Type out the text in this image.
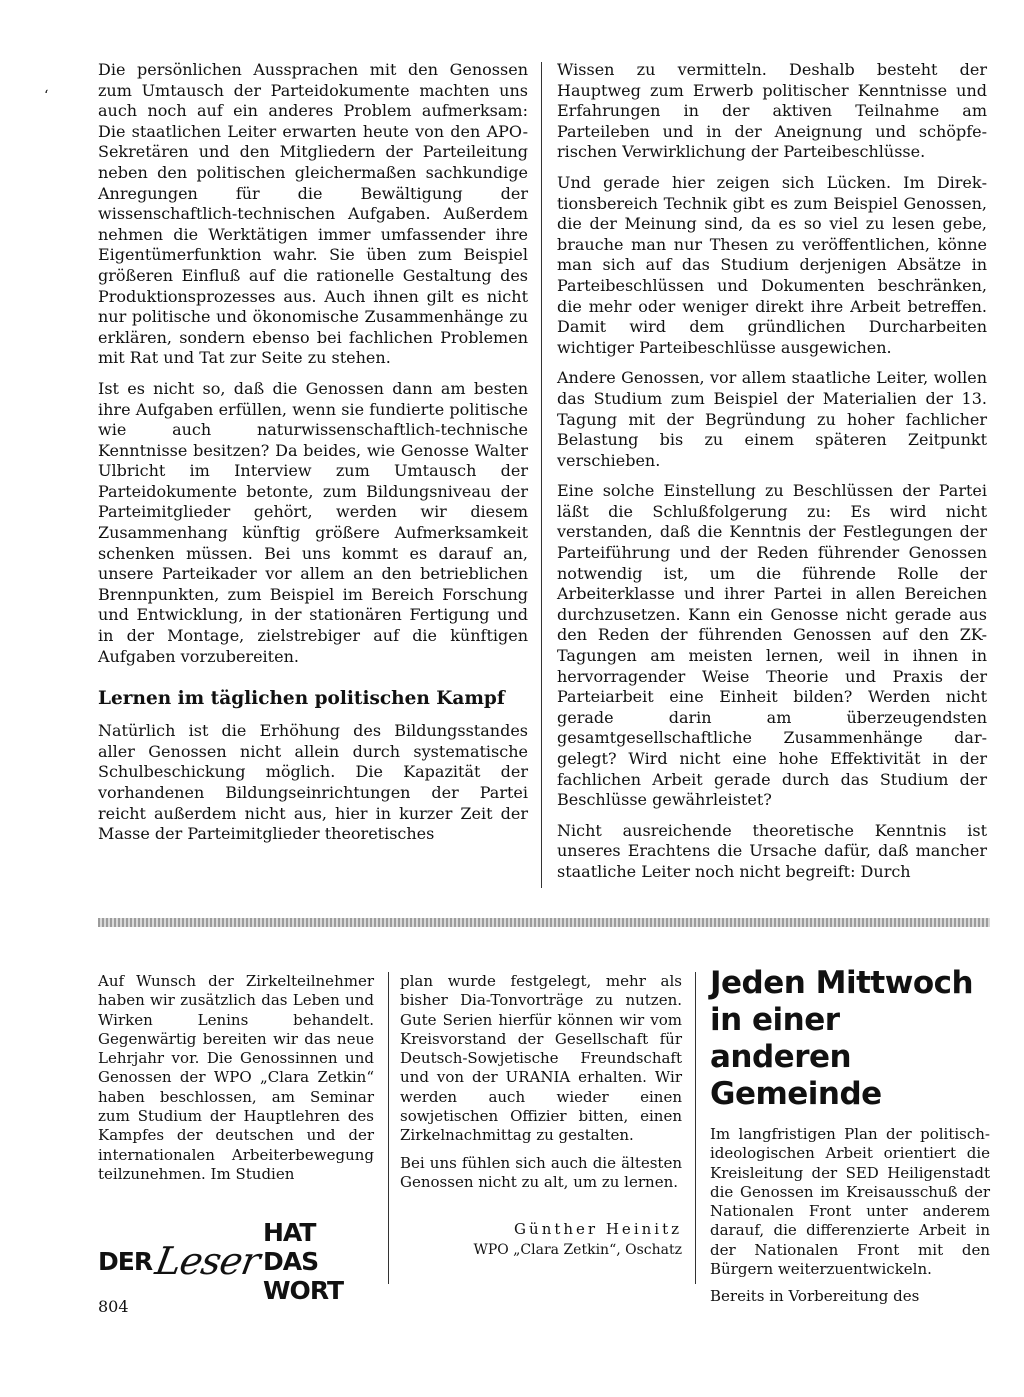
ʻ

Die persönlichen Aussprachen mit den Genossen zum Umtausch der Parteidokumente machten uns auch noch auf ein anderes Problem aufmerksam: Die staatlichen Leiter erwarten heute von den APO-Sekretären und den Mitgliedern der Parteileitung neben den politischen gleichermaßen sachkundige Anregungen für die Bewältigung der wissenschaftlich-technischen Aufgaben. Außerdem nehmen die Werktätigen immer umfassender ihre Eigentümerfunktion wahr. Sie üben zum Beispiel größeren Einfluß auf die rationelle Gestaltung des Produktionsprozesses aus. Auch ihnen gilt es nicht nur politische und ökonomische Zusammenhänge zu erklären, sondern ebenso bei fachlichen Problemen mit Rat und Tat zur Seite zu stehen.

Ist es nicht so, daß die Genossen dann am besten ihre Aufgaben erfüllen, wenn sie fundierte politische wie auch naturwissenschaftlich-technische Kenntnisse besitzen? Da beides, wie Genosse Walter Ulbricht im Interview zum Umtausch der Parteidokumente betonte, zum Bildungsniveau der Parteimitglieder gehört, werden wir diesem Zusammenhang künftig größere Aufmerksamkeit schenken müssen. Bei uns kommt es darauf an, unsere Parteikader vor allem an den betrieblichen Brennpunkten, zum Beispiel im Bereich Forschung und Entwicklung, in der stationären Fertigung und in der Montage, zielstrebiger auf die künftigen Aufgaben vorzubereiten.

Lernen im täglichen politischen Kampf

Natürlich ist die Erhöhung des Bildungsstandes aller Genossen nicht allein durch systematische Schulbeschickung möglich. Die Kapazität der vorhandenen Bildungseinrichtungen der Partei reicht außerdem nicht aus, hier in kurzer Zeit der Masse der Parteimitglieder theoretisches

Wissen zu vermitteln. Deshalb besteht der Hauptweg zum Erwerb politischer Kenntnisse und Erfahrungen in der aktiven Teilnahme am Parteileben und in der Aneignung und schöpferischen Verwirklichung der Parteibeschlüsse.

Und gerade hier zeigen sich Lücken. Im Direktionsbereich Technik gibt es zum Beispiel Genossen, die der Meinung sind, da es so viel zu lesen gebe, brauche man nur Thesen zu veröffentlichen, könne man sich auf das Studium derjenigen Absätze in Parteibeschlüssen und Dokumenten beschränken, die mehr oder weniger direkt ihre Arbeit betreffen. Damit wird dem gründlichen Durcharbeiten wichtiger Parteibeschlüsse ausgewichen.

Andere Genossen, vor allem staatliche Leiter, wollen das Studium zum Beispiel der Materialien der 13. Tagung mit der Begründung zu hoher fachlicher Belastung bis zu einem späteren Zeitpunkt verschieben.

Eine solche Einstellung zu Beschlüssen der Partei läßt die Schlußfolgerung zu: Es wird nicht verstanden, daß die Kenntnis der Festlegungen der Parteiführung und der Reden führender Genossen notwendig ist, um die führende Rolle der Arbeiterklasse und ihrer Partei in allen Bereichen durchzusetzen. Kann ein Genosse nicht gerade aus den Reden der führenden Genossen auf den ZK-Tagungen am meisten lernen, weil in ihnen in hervorragender Weise Theorie und Praxis der Parteiarbeit eine Einheit bilden? Werden nicht gerade darin am überzeugendsten gesamtgesellschaftliche Zusammenhänge dargelegt? Wird nicht eine hohe Effektivität in der fachlichen Arbeit gerade durch das Studium der Beschlüsse gewährleistet?

Nicht ausreichende theoretische Kenntnis ist unseres Erachtens die Ursache dafür, daß mancher staatliche Leiter noch nicht begreift: Durch

Auf Wunsch der Zirkelteilnehmer haben wir zusätzlich das Leben und Wirken Lenins behandelt. Gegenwärtig bereiten wir das neue Lehrjahr vor. Die Genossinnen und Genossen der WPO „Clara Zetkin“ haben beschlossen, am Seminar zum Studium der Hauptlehren des Kampfes der deutschen und der internationalen Arbeiterbewegung teilzunehmen. Im Studien

plan wurde festgelegt, mehr als bisher Dia-Tonvorträge zu nutzen. Gute Serien hierfür können wir vom Kreisvorstand der Gesellschaft für Deutsch-Sowjetische Freundschaft und von der URANIA erhalten. Wir werden auch wieder einen sowjetischen Offizier bitten, einen Zirkelnachmittag zu gestalten.

Bei uns fühlen sich auch die ältesten Genossen nicht zu alt, um zu lernen.

Günther Heinitz
WPO „Clara Zetkin“, Oschatz
Jeden Mittwoch
in einer anderen
Gemeinde

Im langfristigen Plan der politisch-ideologischen Arbeit orientiert die Kreisleitung der SED Heiligenstadt die Genossen im Kreisausschuß der Nationalen Front unter anderem darauf, die differenzierte Arbeit in der Nationalen Front mit den Bürgern weiterzuentwickeln.

Bereits in Vorbereitung des

DER Leser
HAT DAS WORT
804
